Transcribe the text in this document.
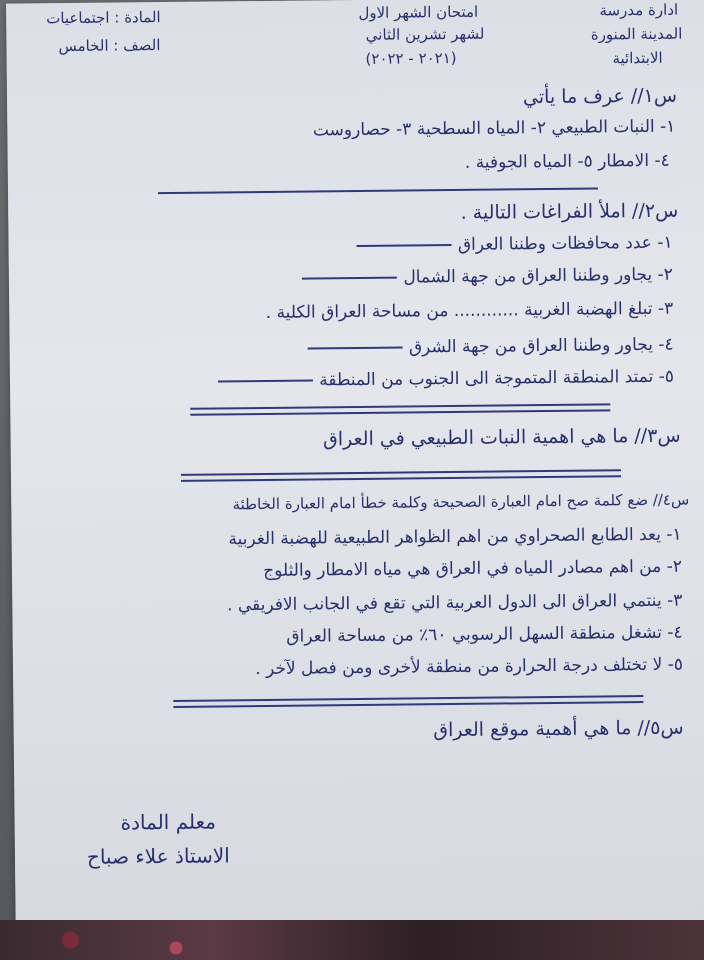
ادارة مدرسة
المدينة المنورة
الابتدائية
امتحان الشهر الاول
لشهر تشرين الثاني
(٢٠٢١ - ٢٠٢٢)
المادة : اجتماعيات
الصف : الخامس
س١// عرف ما يأتي
١- النبات الطبيعي ٢- المياه السطحية ٣- حصاروست
٤- الامطار ٥- المياه الجوفية .
س٢// املأ الفراغات التالية .
١- عدد محافظات وطننا العراق
٢- يجاور وطننا العراق من جهة الشمال
٣- تبلغ الهضبة الغربية ............ من مساحة العراق الكلية .
٤- يجاور وطننا العراق من جهة الشرق
٥- تمتد المنطقة المتموجة الى الجنوب من المنطقة
س٣// ما هي اهمية النبات الطبيعي في العراق
س٤// ضع كلمة صح امام العبارة الصحيحة وكلمة خطأ امام العبارة الخاطئة
١- يعد الطابع الصحراوي من اهم الظواهر الطبيعية للهضبة الغربية
٢- من اهم مصادر المياه في العراق هي مياه الامطار والثلوج
٣- ينتمي العراق الى الدول العربية التي تقع في الجانب الافريقي .
٤- تشغل منطقة السهل الرسوبي ٦٠٪ من مساحة العراق
٥- لا تختلف درجة الحرارة من منطقة لأخرى ومن فصل لآخر .
س٥// ما هي أهمية موقع العراق
معلم المادة
الاستاذ علاء صباح
